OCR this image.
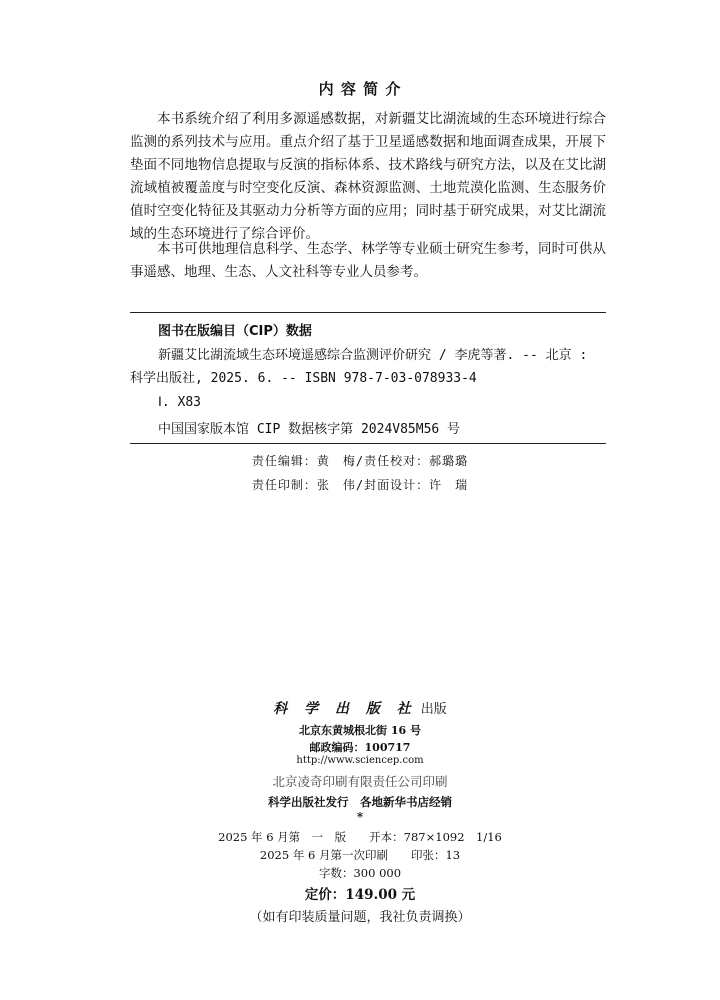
内 容 简 介

本书系统介绍了利用多源遥感数据，对新疆艾比湖流域的生态环境进行综合监测的系列技术与应用。重点介绍了基于卫星遥感数据和地面调查成果，开展下垫面不同地物信息提取与反演的指标体系、技术路线与研究方法，以及在艾比湖流域植被覆盖度与时空变化反演、森林资源监测、土地荒漠化监测、生态服务价值时空变化特征及其驱动力分析等方面的应用；同时基于研究成果，对艾比湖流域的生态环境进行了综合评价。

本书可供地理信息科学、生态学、林学等专业硕士研究生参考，同时可供从事遥感、地理、生态、人文社科等专业人员参考。

图书在版编目（CIP）数据

新疆艾比湖流域生态环境遥感综合监测评价研究 / 李虎等著. -- 北京 : 科学出版社, 2025. 6. -- ISBN 978-7-03-078933-4

Ⅰ. X83
中国国家版本馆 CIP 数据核字第 2024V85M56 号
责任编辑：黄　梅/责任校对：郝璐璐
责任印制：张　伟/封面设计：许　瑞
科 学 出 版 社 出版
北京东黄城根北街 16 号
邮政编码：100717
http://www.sciencep.com
北京凌奇印刷有限责任公司印刷
科学出版社发行　各地新华书店经销
*
2025 年 6 月第　一　版　　开本：787×1092　1/16
2025 年 6 月第一次印刷　　印张：13
字数：300 000
定价：149.00 元
（如有印装质量问题，我社负责调换）
